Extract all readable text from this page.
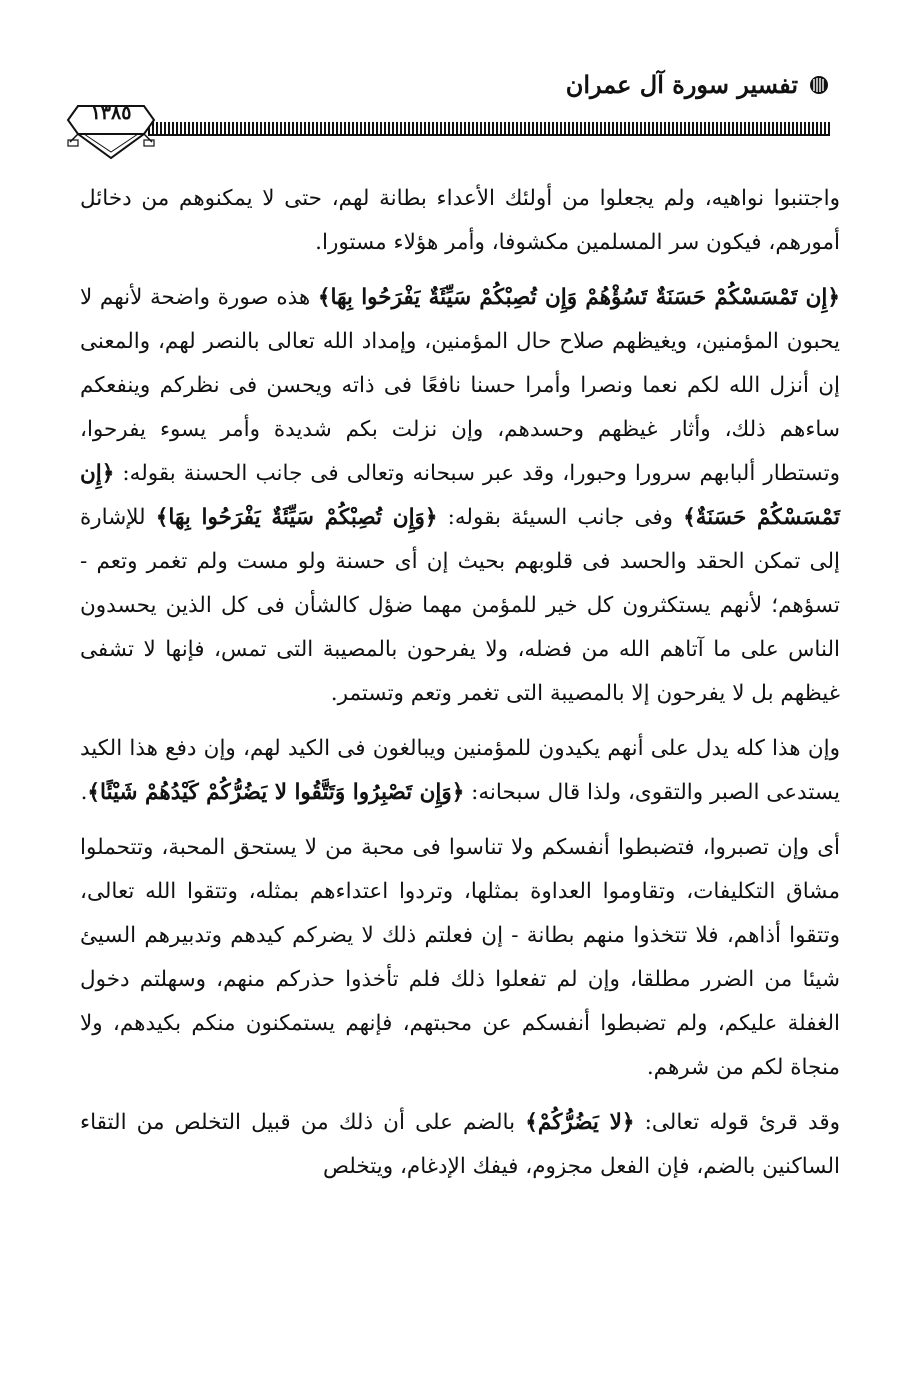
تفسير سورة آل عمران
١٣٨٥

واجتنبوا نواهيه، ولم يجعلوا من أولئك الأعداء بطانة لهم، حتى لا يمكنوهم من دخائل أمورهم، فيكون سر المسلمين مكشوفا، وأمر هؤلاء مستورا.

﴿إِن تَمْسَسْكُمْ حَسَنَةٌ تَسُؤْهُمْ وَإِن تُصِبْكُمْ سَيِّئَةٌ يَفْرَحُوا بِهَا﴾ هذه صورة واضحة لأنهم لا يحبون المؤمنين، ويغيظهم صلاح حال المؤمنين، وإمداد الله تعالى بالنصر لهم، والمعنى إن أنزل الله لكم نعما ونصرا وأمرا حسنا نافعًا فى ذاته ويحسن فى نظركم وينفعكم ساءهم ذلك، وأثار غيظهم وحسدهم، وإن نزلت بكم شديدة وأمر يسوء يفرحوا، وتستطار ألبابهم سرورا وحبورا، وقد عبر سبحانه وتعالى فى جانب الحسنة بقوله: ﴿إِن تَمْسَسْكُمْ حَسَنَةٌ﴾ وفى جانب السيئة بقوله: ﴿وَإِن تُصِبْكُمْ سَيِّئَةٌ يَفْرَحُوا بِهَا﴾ للإشارة إلى تمكن الحقد والحسد فى قلوبهم بحيث إن أى حسنة ولو مست ولم تغمر وتعم - تسؤهم؛ لأنهم يستكثرون كل خير للمؤمن مهما ضؤل كالشأن فى كل الذين يحسدون الناس على ما آتاهم الله من فضله، ولا يفرحون بالمصيبة التى تمس، فإنها لا تشفى غيظهم بل لا يفرحون إلا بالمصيبة التى تغمر وتعم وتستمر.

وإن هذا كله يدل على أنهم يكيدون للمؤمنين ويبالغون فى الكيد لهم، وإن دفع هذا الكيد يستدعى الصبر والتقوى، ولذا قال سبحانه: ﴿وَإِن تَصْبِرُوا وَتَتَّقُوا لا يَضُرُّكُمْ كَيْدُهُمْ شَيْئًا﴾.

أى وإن تصبروا، فتضبطوا أنفسكم ولا تناسوا فى محبة من لا يستحق المحبة، وتتحملوا مشاق التكليفات، وتقاوموا العداوة بمثلها، وتردوا اعتداءهم بمثله، وتتقوا الله تعالى، وتتقوا أذاهم، فلا تتخذوا منهم بطانة - إن فعلتم ذلك لا يضركم كيدهم وتدبيرهم السيئ شيئا من الضرر مطلقا، وإن لم تفعلوا ذلك فلم تأخذوا حذركم منهم، وسهلتم دخول الغفلة عليكم، ولم تضبطوا أنفسكم عن محبتهم، فإنهم يستمكنون منكم بكيدهم، ولا منجاة لكم من شرهم.

وقد قرئ قوله تعالى: ﴿لا يَضُرُّكُمْ﴾ بالضم على أن ذلك من قبيل التخلص من التقاء الساكنين بالضم، فإن الفعل مجزوم، فيفك الإدغام، ويتخلص
